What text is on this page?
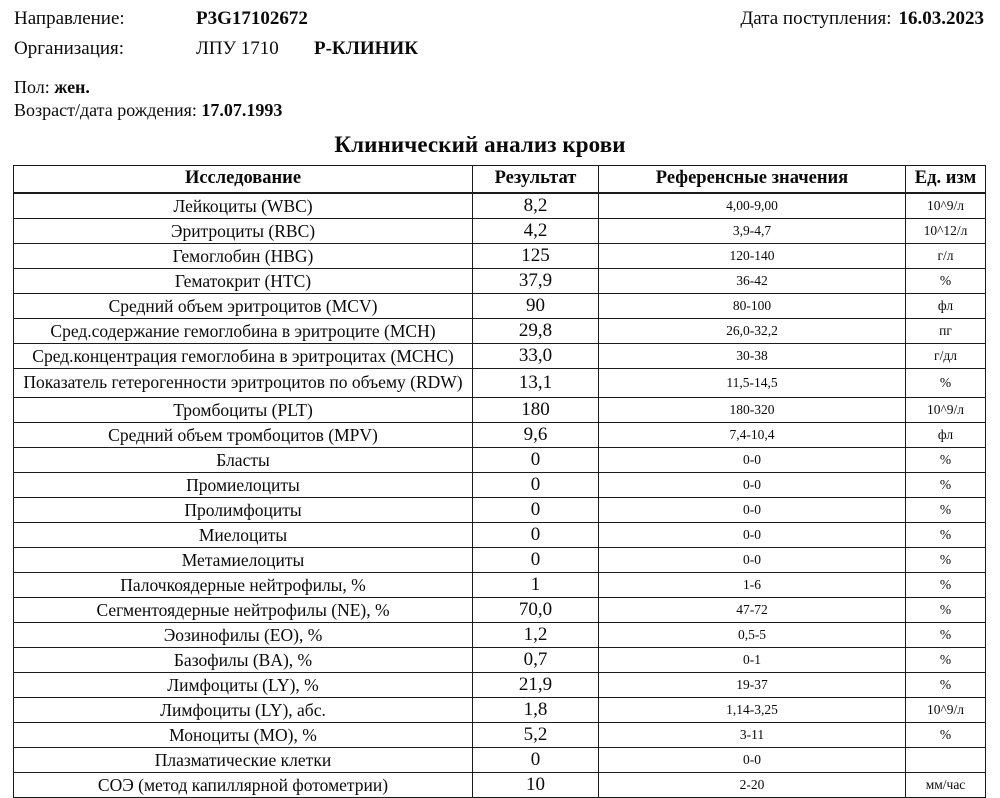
Направление:	P3G17102672	Дата поступления: 16.03.2023
Организация:	ЛПУ 1710	Р-КЛИНИК
Пол: жен.
Возраст/дата рождения: 17.07.1993
Клинический анализ крови
Исследование	Результат	Референсные значения	Ед. изм
Лейкоциты (WBC)	8,2	4,00-9,00	10^9/л
Эритроциты (RBC)	4,2	3,9-4,7	10^12/л
Гемоглобин (HBG)	125	120-140	г/л
Гематокрит (HTC)	37,9	36-42	%
Средний объем эритроцитов (MCV)	90	80-100	фл
Сред.содержание гемоглобина в эритроците (MCH)	29,8	26,0-32,2	пг
Сред.концентрация гемоглобина в эритроцитах (MCHC)	33,0	30-38	г/дл
Показатель гетерогенности эритроцитов по объему (RDW)	13,1	11,5-14,5	%
Тромбоциты (PLT)	180	180-320	10^9/л
Средний объем тромбоцитов (MPV)	9,6	7,4-10,4	фл
Бласты	0	0-0	%
Промиелоциты	0	0-0	%
Пролимфоциты	0	0-0	%
Миелоциты	0	0-0	%
Метамиелоциты	0	0-0	%
Палочкоядерные нейтрофилы, %	1	1-6	%
Сегментоядерные нейтрофилы (NE), %	70,0	47-72	%
Эозинофилы (EO), %	1,2	0,5-5	%
Базофилы (BA), %	0,7	0-1	%
Лимфоциты (LY), %	21,9	19-37	%
Лимфоциты (LY), абс.	1,8	1,14-3,25	10^9/л
Моноциты (MO), %	5,2	3-11	%
Плазматические клетки	0	0-0	
СОЭ (метод капиллярной фотометрии)	10	2-20	мм/час
